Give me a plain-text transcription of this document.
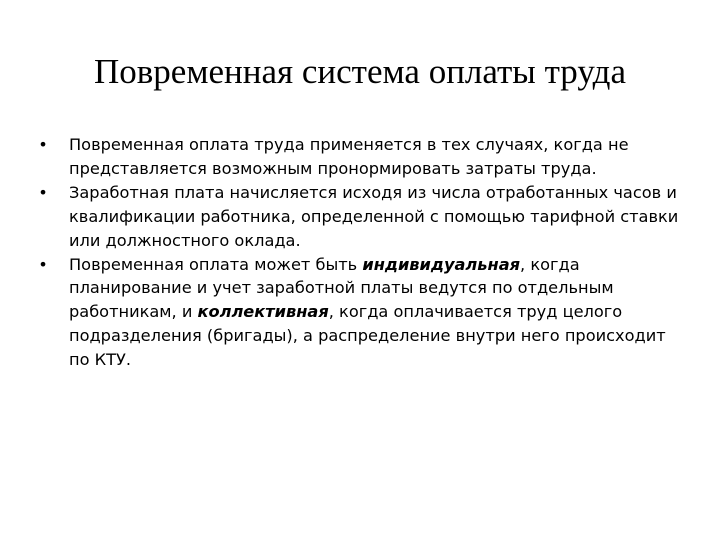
Повременная система оплаты труда
• Повременная оплата труда применяется в тех случаях, когда не представляется возможным пронормировать затраты труда.
• Заработная плата начисляется исходя из числа отработанных часов и квалификации работника, определенной с помощью тарифной ставки или должностного оклада.
• Повременная оплата может быть индивидуальная, когда планирование и учет заработной платы ведутся по отдельным работникам, и коллективная, когда оплачивается труд целого подразделения (бригады), а распределение внутри него происходит по КТУ.
